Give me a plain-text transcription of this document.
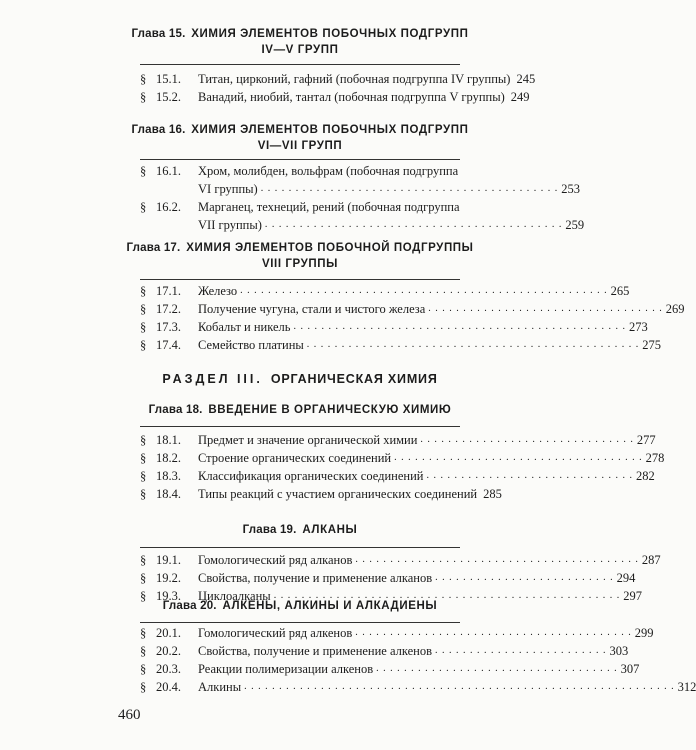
Глава 15. ХИМИЯ ЭЛЕМЕНТОВ ПОБОЧНЫХ ПОДГРУПП
IV—V ГРУПП
§ 15.1. Титан, цирконий, гафний (побочная подгруппа IV группы) 245
§ 15.2. Ванадий, ниобий, тантал (побочная подгруппа V группы) 249
Глава 16. ХИМИЯ ЭЛЕМЕНТОВ ПОБОЧНЫХ ПОДГРУПП
VI—VII ГРУПП
§ 16.1. Хром, молибден, вольфрам (побочная подгруппа
VI группы) . . . . . . . . . . . . . . . . . . . . . . . . . . . . . . . . . . . . . . . . . . . 253
§ 16.2. Марганец, технеций, рений (побочная подгруппа
VII группы) . . . . . . . . . . . . . . . . . . . . . . . . . . . . . . . . . . . . . . . . . . . 259
Глава 17. ХИМИЯ ЭЛЕМЕНТОВ ПОБОЧНОЙ ПОДГРУППЫ
VIII ГРУППЫ
§ 17.1. Железо . . . . . . . . . . . . . . . . . . . . . . . . . . . . . . . . . . . . . . . . . . . . . . . . . . . . . 265
§ 17.2. Получение чугуна, стали и чистого железа . . . . . . . . . . . . . . . . . . . . . . . . . . . . . . . . . . 269
§ 17.3. Кобальт и никель . . . . . . . . . . . . . . . . . . . . . . . . . . . . . . . . . . . . . . . . . . . . . . . . 273
§ 17.4. Семейство платины . . . . . . . . . . . . . . . . . . . . . . . . . . . . . . . . . . . . . . . . . . . . . . . . 275
РАЗДЕЛ III. ОРГАНИЧЕСКАЯ ХИМИЯ
Глава 18. ВВЕДЕНИЕ В ОРГАНИЧЕСКУЮ ХИМИЮ
§ 18.1. Предмет и значение органической химии . . . . . . . . . . . . . . . . . . . . . . . . . . . . . . . 277
§ 18.2. Строение органических соединений . . . . . . . . . . . . . . . . . . . . . . . . . . . . . . . . . . . . 278
§ 18.3. Классификация органических соединений . . . . . . . . . . . . . . . . . . . . . . . . . . . . . . 282
§ 18.4. Типы реакций с участием органических соединений 285
Глава 19. АЛКАНЫ
§ 19.1. Гомологический ряд алканов . . . . . . . . . . . . . . . . . . . . . . . . . . . . . . . . . . . . . . . . . 287
§ 19.2. Свойства, получение и применение алканов . . . . . . . . . . . . . . . . . . . . . . . . . . 294
§ 19.3. Циклоалканы . . . . . . . . . . . . . . . . . . . . . . . . . . . . . . . . . . . . . . . . . . . . . . . . . . 297
Глава 20. АЛКЕНЫ, АЛКИНЫ И АЛКАДИЕНЫ
§ 20.1. Гомологический ряд алкенов . . . . . . . . . . . . . . . . . . . . . . . . . . . . . . . . . . . . . . . . 299
§ 20.2. Свойства, получение и применение алкенов . . . . . . . . . . . . . . . . . . . . . . . . . 303
§ 20.3. Реакции полимеризации алкенов . . . . . . . . . . . . . . . . . . . . . . . . . . . . . . . . . . . 307
§ 20.4. Алкины . . . . . . . . . . . . . . . . . . . . . . . . . . . . . . . . . . . . . . . . . . . . . . . . . . . . . . . . . . . . . . 312
460
